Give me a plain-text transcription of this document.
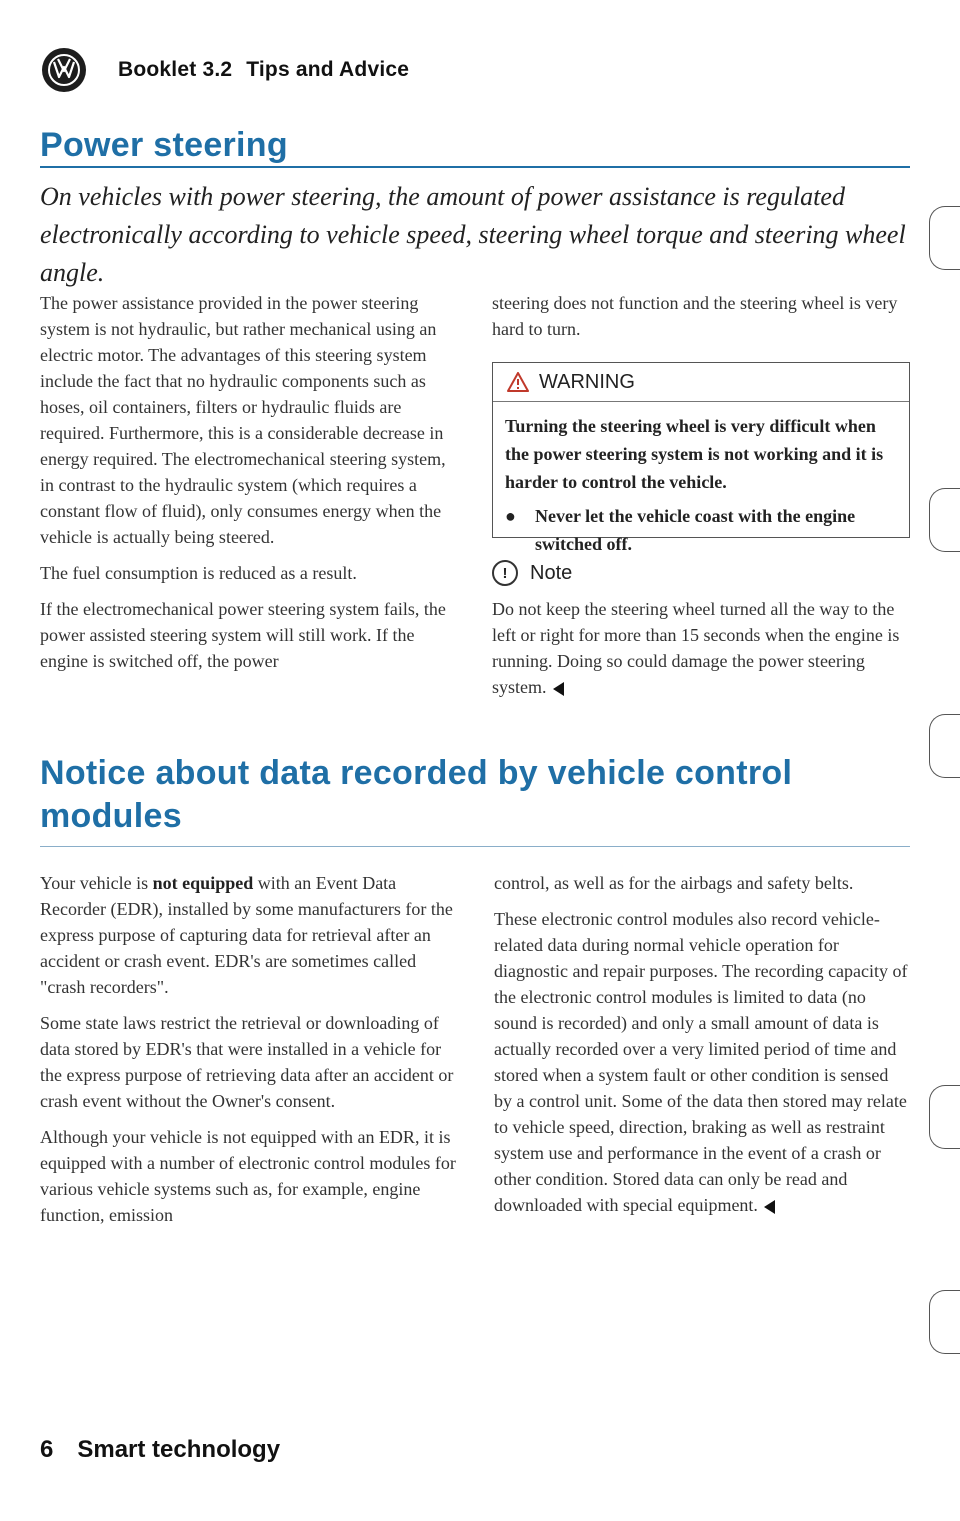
Booklet 3.2 Tips and Advice
Power steering
On vehicles with power steering, the amount of power assistance is regulated electronically according to vehicle speed, steering wheel torque and steering wheel angle.

The power assistance provided in the power steering system is not hydraulic, but rather mechanical using an electric motor. The advantages of this steering system include the fact that no hydraulic components such as hoses, oil containers, filters or hydraulic fluids are required. Furthermore, this is a considerable decrease in energy required. The electromechanical steering system, in contrast to the hydraulic system (which requires a constant flow of fluid), only consumes energy when the vehicle is actually being steered.

The fuel consumption is reduced as a result.

If the electromechanical power steering system fails, the power assisted steering system will still work. If the engine is switched off, the power

steering does not function and the steering wheel is very hard to turn.

WARNING

Turning the steering wheel is very difficult when the power steering system is not working and it is harder to control the vehicle.

●	Never let the vehicle coast with the engine switched off.
!	Note
Do not keep the steering wheel turned all the way to the left or right for more than 15 seconds when the engine is running. Doing so could damage the power steering system.
Notice about data recorded by vehicle control
modules

Your vehicle is not equipped with an Event Data Recorder (EDR), installed by some manufacturers for the express purpose of capturing data for retrieval after an accident or crash event. EDR's are sometimes called "crash recorders".

Some state laws restrict the retrieval or downloading of data stored by EDR's that were installed in a vehicle for the express purpose of retrieving data after an accident or crash event without the Owner's consent.

Although your vehicle is not equipped with an EDR, it is equipped with a number of electronic control modules for various vehicle systems such as, for example, engine function, emission

control, as well as for the airbags and safety belts.

These electronic control modules also record vehicle-related data during normal vehicle operation for diagnostic and repair purposes. The recording capacity of the electronic control modules is limited to data (no sound is recorded) and only a small amount of data is actually recorded over a very limited period of time and stored when a system fault or other condition is sensed by a control unit. Some of the data then stored may relate to vehicle speed, direction, braking as well as restraint system use and performance in the event of a crash or other condition. Stored data can only be read and downloaded with special equipment.

6 Smart technology
